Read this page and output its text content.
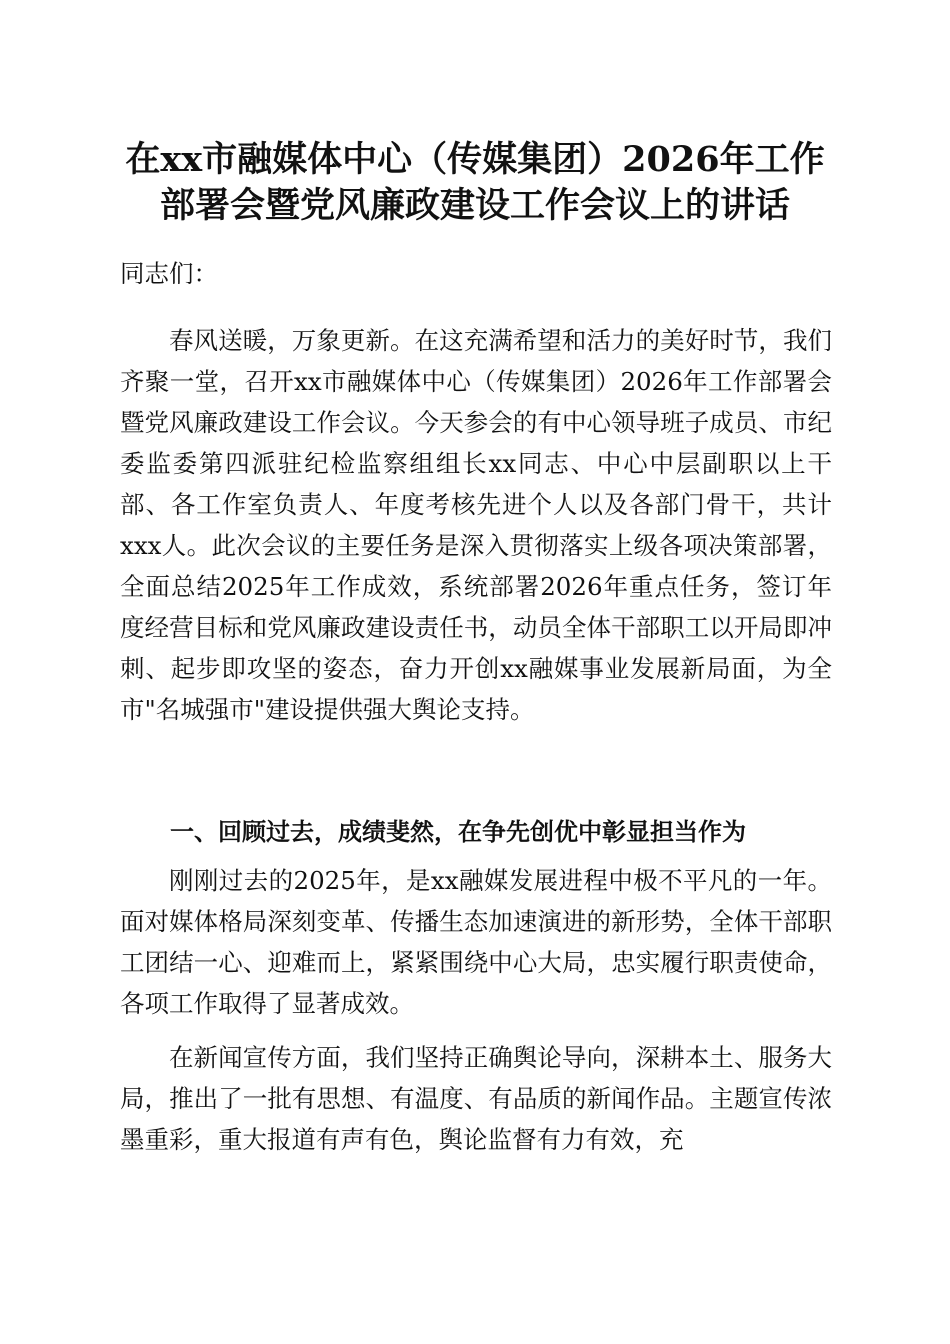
在xx市融媒体中心（传媒集团）2026年工作
部署会暨党风廉政建设工作会议上的讲话
同志们：

春风送暖，万象更新。在这充满希望和活力的美好时节，我们齐聚一堂，召开xx市融媒体中心（传媒集团）2026年工作部署会暨党风廉政建设工作会议。今天参会的有中心领导班子成员、市纪委监委第四派驻纪检监察组组长xx同志、中心中层副职以上干部、各工作室负责人、年度考核先进个人以及各部门骨干，共计xxx人。此次会议的主要任务是深入贯彻落实上级各项决策部署，全面总结2025年工作成效，系统部署2026年重点任务，签订年度经营目标和党风廉政建设责任书，动员全体干部职工以开局即冲刺、起步即攻坚的姿态，奋力开创xx融媒事业发展新局面，为全市"名城强市"建设提供强大舆论支持。

一、回顾过去，成绩斐然，在争先创优中彰显担当作为

刚刚过去的2025年，是xx融媒发展进程中极不平凡的一年。面对媒体格局深刻变革、传播生态加速演进的新形势，全体干部职工团结一心、迎难而上，紧紧围绕中心大局，忠实履行职责使命，各项工作取得了显著成效。

在新闻宣传方面，我们坚持正确舆论导向，深耕本土、服务大局，推出了一批有思想、有温度、有品质的新闻作品。主题宣传浓墨重彩，重大报道有声有色，舆论监督有力有效，充
